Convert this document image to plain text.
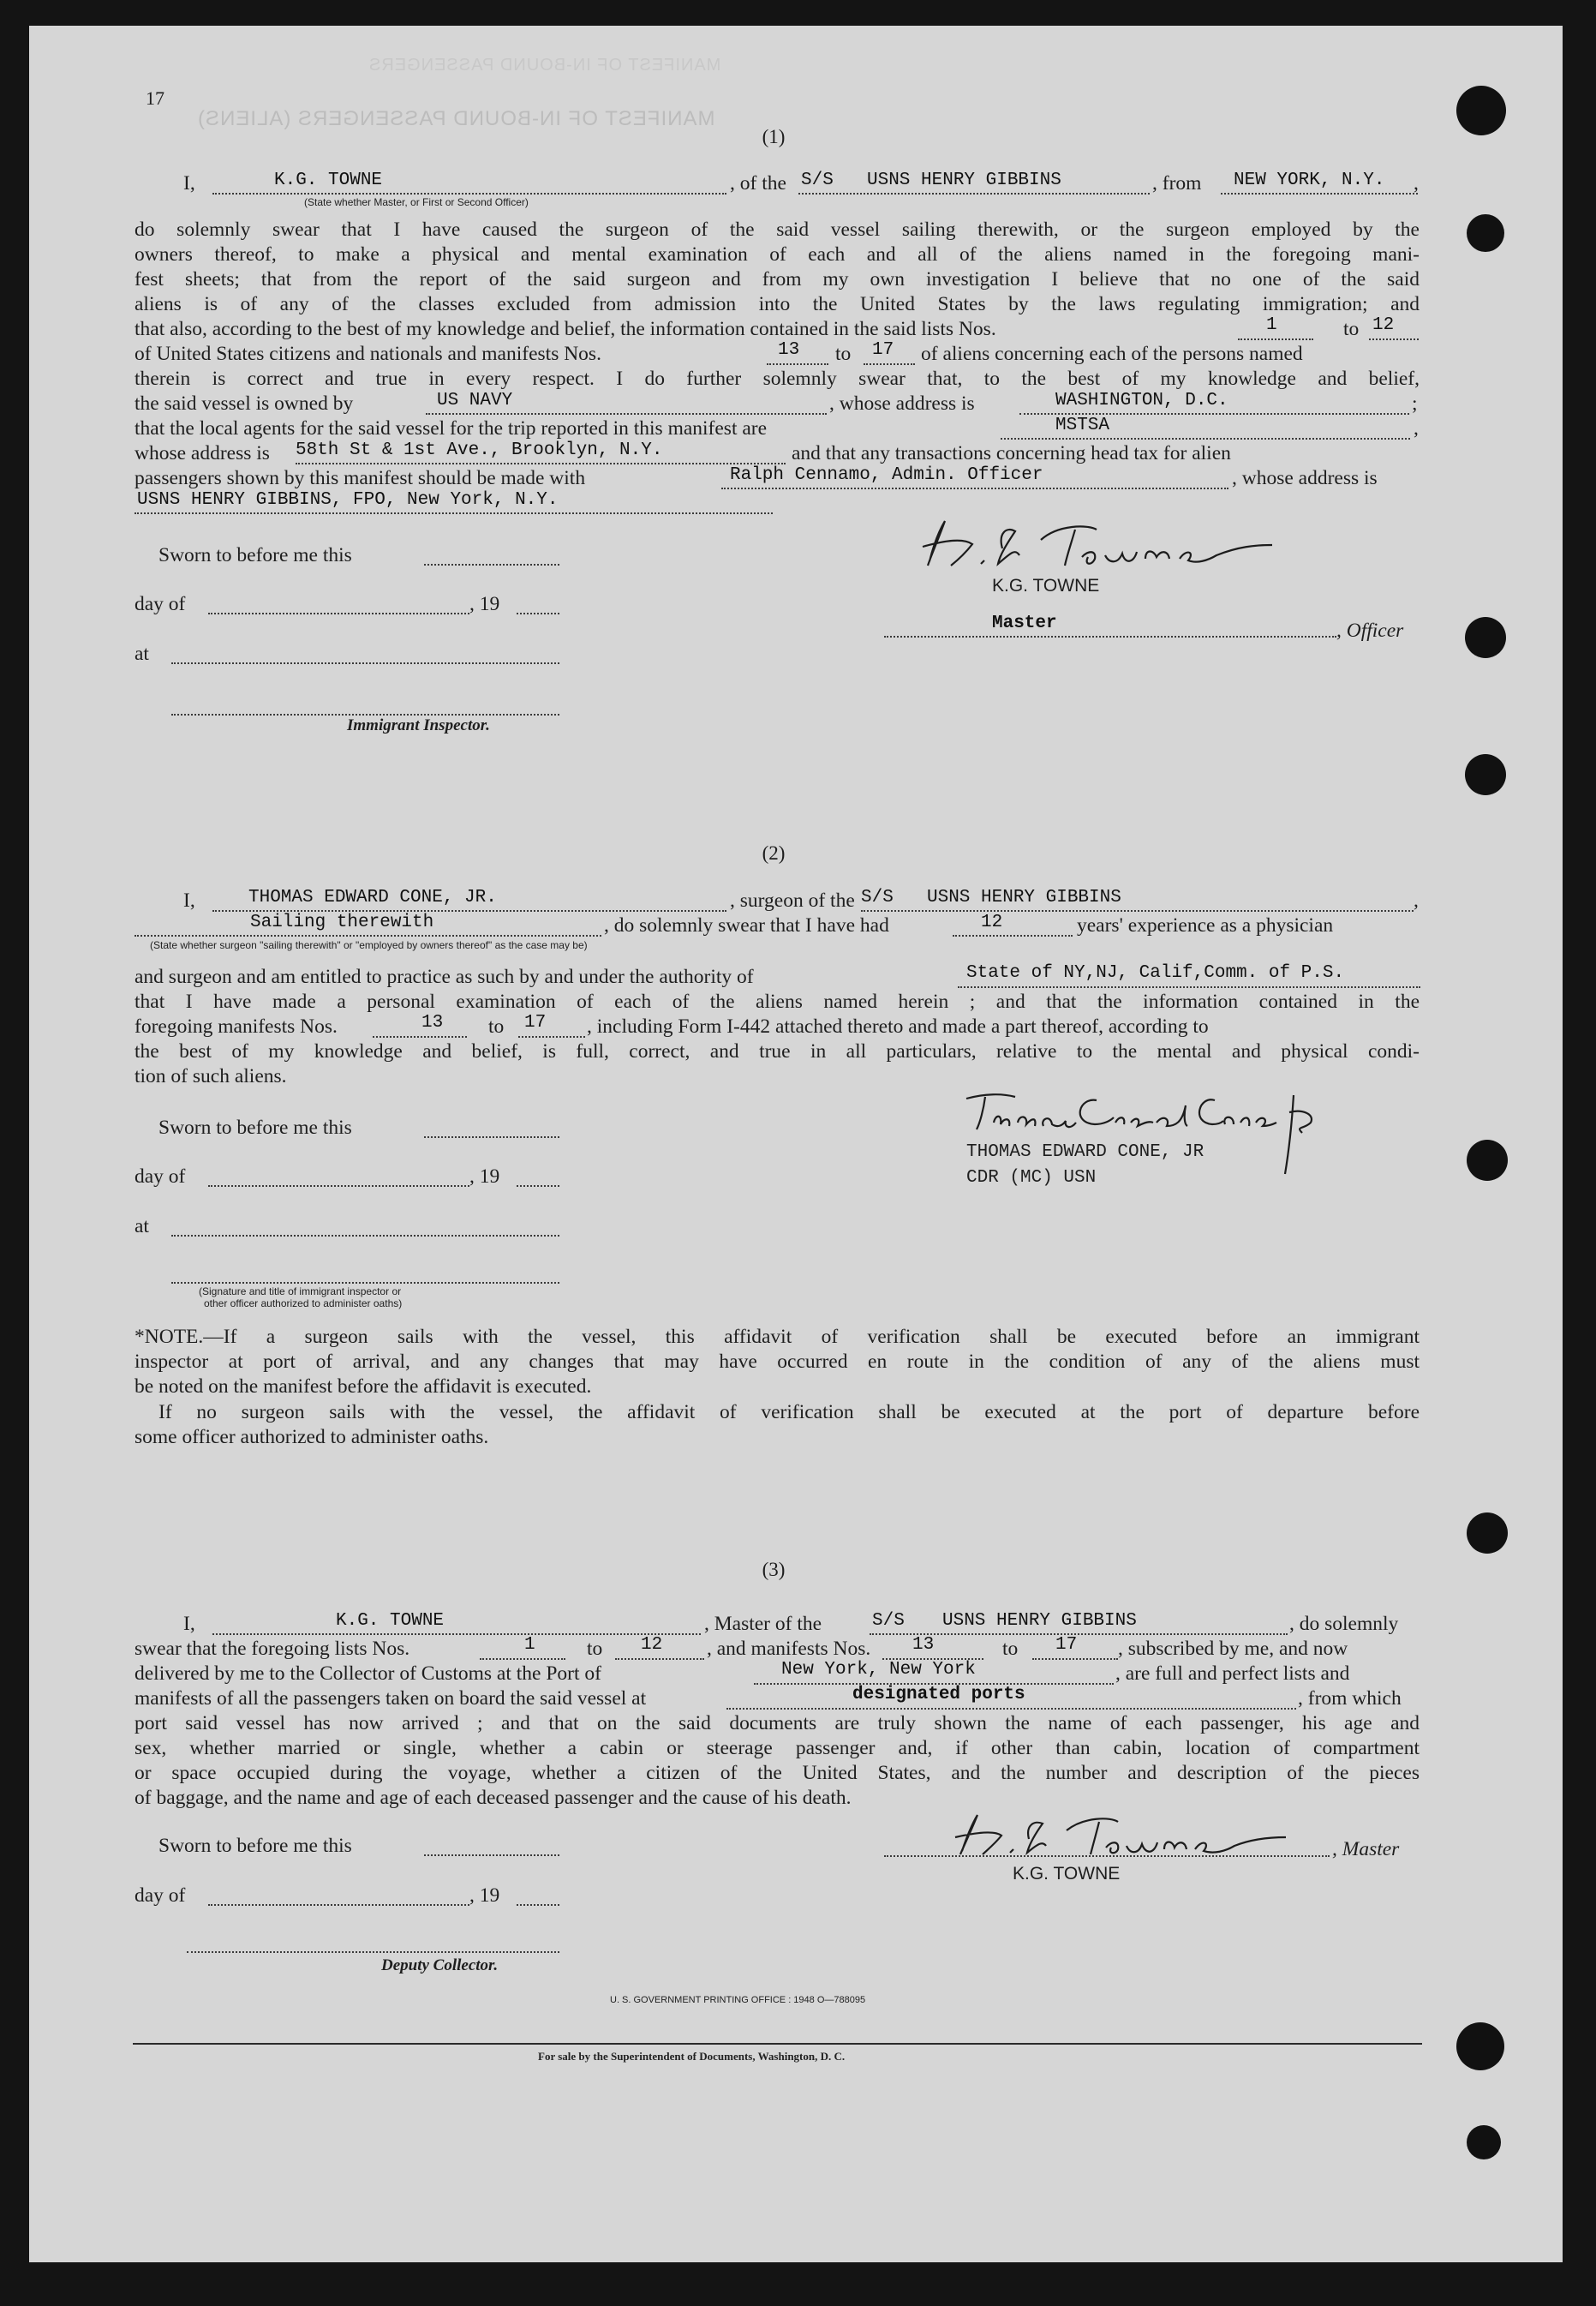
17
MANIFEST OF IN-BOUND PASSENGERS (ALIENS)
MANIFEST OF IN-BOUND PASSENGERS
(1)
I,	K.G. TOWNE	, of the S/S USNS HENRY GIBBINS	, from NEW YORK, N.Y. ,
(State whether Master, or First or Second Officer)
do solemnly swear that I have caused the surgeon of the said vessel sailing therewith, or the surgeon employed by the
owners thereof, to make a physical and mental examination of each and all of the aliens named in the foregoing mani-
fest sheets; that from the report of the said surgeon and from my own investigation I believe that no one of the said
aliens is of any of the classes excluded from admission into the United States by the laws regulating immigration; and
that also, according to the best of my knowledge and belief, the information contained in the said lists Nos.	1	to 12
of United States citizens and nationals and manifests Nos.	13 to 17 of aliens concerning each of the persons named
therein is correct and true in every respect. I do further solemnly swear that, to the best of my knowledge and belief,
the said vessel is owned by	US NAVY	, whose address is	WASHINGTON, D.C.	;
that the local agents for the said vessel for the trip reported in this manifest are	MSTSA	,
whose address is 58th St & 1st Ave., Brooklyn, N.Y.	and that any transactions concerning head tax for alien
passengers shown by this manifest should be made with	Ralph Cennamo, Admin. Officer	, whose address is
USNS HENRY GIBBINS, FPO, New York, N.Y.
Sworn to before me this
day of	, 19
at
Immigrant Inspector.
K.G. TOWNE
Master	, Officer
(2)
I,	THOMAS EDWARD CONE, JR.	, surgeon of the S/S USNS HENRY GIBBINS	,
Sailing therewith	, do solemnly swear that I have had	12	years' experience as a physician
(State whether surgeon "sailing therewith" or "employed by owners thereof" as the case may be)
and surgeon and am entitled to practice as such by and under the authority of	State of NY,NJ, Calif,Comm. of P.S.
that I have made a personal examination of each of the aliens named herein ; and that the information contained in the
foregoing manifests Nos.	13 to 17 , including Form I-442 attached thereto and made a part thereof, according to
the best of my knowledge and belief, is full, correct, and true in all particulars, relative to the mental and physical condi-
tion of such aliens.
Sworn to before me this
day of	, 19
at
(Signature and title of immigrant inspector or
other officer authorized to administer oaths)
THOMAS EDWARD CONE, JR
CDR (MC) USN
*NOTE.—If a surgeon sails with the vessel, this affidavit of verification shall be executed before an immigrant
inspector at port of arrival, and any changes that may have occurred en route in the condition of any of the aliens must
be noted on the manifest before the affidavit is executed.
If no surgeon sails with the vessel, the affidavit of verification shall be executed at the port of departure before
some officer authorized to administer oaths.
(3)
I,	K.G. TOWNE	, Master of the	S/S USNS HENRY GIBBINS	, do solemnly
swear that the foregoing lists Nos.	1	to 12 , and manifests Nos. 13	to 17 , subscribed by me, and now
delivered by me to the Collector of Customs at the Port of	New York, New York	, are full and perfect lists and
manifests of all the passengers taken on board the said vessel at	designated ports	, from which
port said vessel has now arrived ; and that on the said documents are truly shown the name of each passenger, his age and
sex, whether married or single, whether a cabin or steerage passenger and, if other than cabin, location of compartment
or space occupied during the voyage, whether a citizen of the United States, and the number and description of the pieces
of baggage, and the name and age of each deceased passenger and the cause of his death.
Sworn to before me this
day of	, 19
Deputy Collector.
, Master
K.G. TOWNE
U. S. GOVERNMENT PRINTING OFFICE : 1948 O—788095
For sale by the Superintendent of Documents, Washington, D. C.
